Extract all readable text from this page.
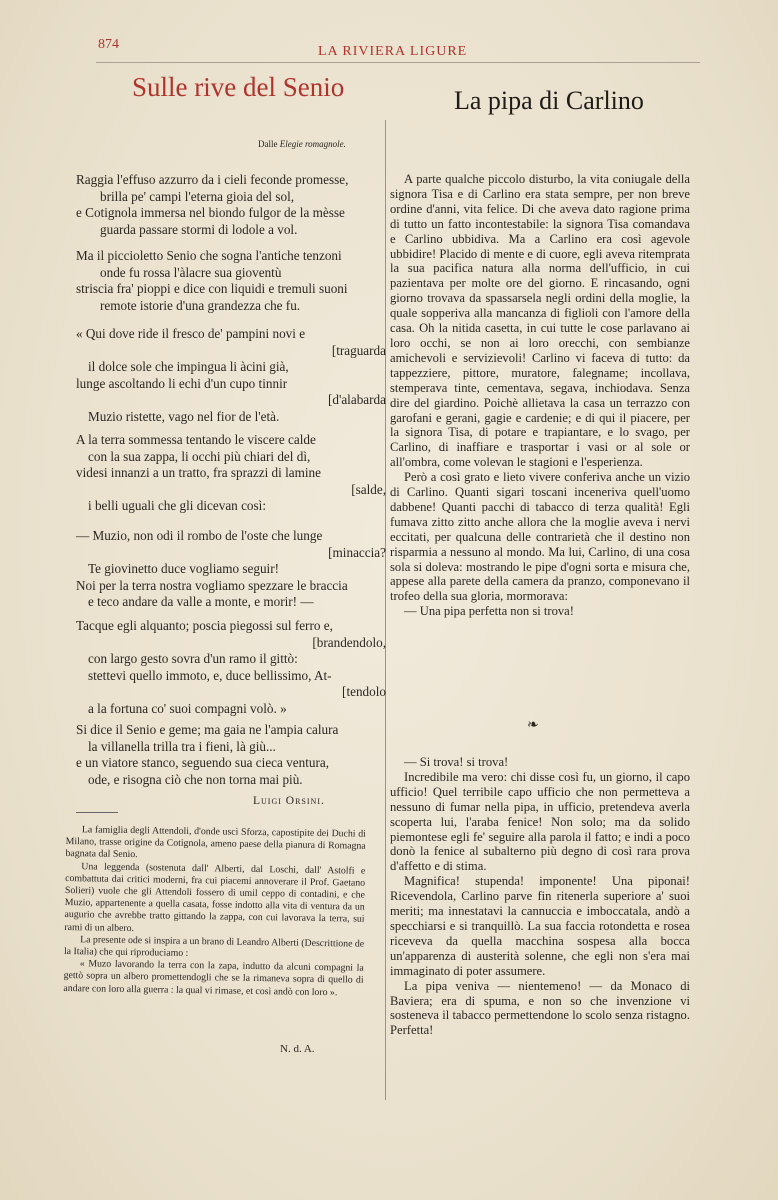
874	LA RIVIERA LIGURE
Sulle rive del Senio
Dalle Elegie romagnole.
Raggia l'effuso azzurro da i cieli feconde promesse,
brilla pe' campi l'eterna gioia del sol,
e Cotignola immersa nel biondo fulgor de la mèsse
guarda passare stormi di lodole a vol.
Ma il piccioletto Senio che sogna l'antiche tenzoni
onde fu rossa l'àlacre sua gioventù
striscia fra' pioppi e dice con liquidi e tremuli suoni
remote istorie d'una grandezza che fu.
« Qui dove ride il fresco de' pampini novi e
[traguarda
il dolce sole che impingua li àcini già,
lunge ascoltando li echi d'un cupo tinnir
[d'alabarda
Muzio ristette, vago nel fior de l'età.
A la terra sommessa tentando le viscere calde
con la sua zappa, li occhi più chiari del dì,
videsi innanzi a un tratto, fra sprazzi di lamine
[salde,
i belli uguali che gli dicevan così:
— Muzio, non odi il rombo de l'oste che lunge
[minaccia?
Te giovinetto duce vogliamo seguir!
Noi per la terra nostra vogliamo spezzare le braccia
e teco andare da valle a monte, e morir! —
Tacque egli alquanto; poscia piegossi sul ferro e,
[brandendolo,
con largo gesto sovra d'un ramo il gittò:
stettevi quello immoto, e, duce bellissimo, At-
[tendolo
a la fortuna co' suoi compagni volò. »
Si dice il Senio e geme; ma gaia ne l'ampia calura
la villanella trilla tra i fieni, là giù...
e un viatore stanco, seguendo sua cieca ventura,
ode, e risogna ciò che non torna mai più.
Luigi Orsini.

La famiglia degli Attendoli, d'onde uscì Sforza, capostipite dei Duchi di Milano, trasse origine da Cotignola, ameno paese della pianura di Romagna bagnata dal Senio.

Una leggenda (sostenuta dall' Alberti, dal Loschi, dall' Astolfi e combattuta dai critici moderni, fra cui piacemi annoverare il Prof. Gaetano Solieri) vuole che gli Attendoli fossero di umil ceppo di contadini, e che Muzio, appartenente a quella casata, fosse indotto alla vita di ventura da un augurio che avrebbe tratto gittando la zappa, con cui lavorava la terra, sui rami di un albero.

La presente ode si inspira a un brano di Leandro Alberti (Descrittione de la Italia) che qui riproduciamo :

« Muzo lavorando la terra con la zapa, indutto da alcuni compagni la gettò sopra un albero promettendogli che se la rimaneva sopra di quello di andare con loro alla guerra : la qual vi rimase, et così andò con loro ».

N. d. A.
La pipa di Carlino

A parte qualche piccolo disturbo, la vita coniugale della signora Tisa e di Carlino era stata sempre, per non breve ordine d'anni, vita felice. Di che aveva dato ragione prima di tutto un fatto incontestabile: la signora Tisa comandava e Carlino ubbidiva. Ma a Carlino era così agevole ubbidire! Placido di mente e di cuore, egli aveva ritemprata la sua pacifica natura alla norma dell'ufficio, in cui pazientava per molte ore del giorno. E rincasando, ogni giorno trovava da spassarsela negli ordini della moglie, la quale sopperiva alla mancanza di figlioli con l'amore della casa. Oh la nitida casetta, in cui tutte le cose parlavano ai loro occhi, se non ai loro orecchi, con sembianze amichevoli e servizievoli! Carlino vi faceva di tutto: da tappezziere, pittore, muratore, falegname; incollava, stemperava tinte, cementava, segava, inchiodava. Senza dire del giardino. Poichè allietava la casa un terrazzo con garofani e gerani, gagie e cardenie; e di qui il piacere, per la signora Tisa, di potare e trapiantare, e lo svago, per Carlino, di inaffiare e trasportar i vasi or al sole or all'ombra, come volevan le stagioni e l'esperienza.

Però a così grato e lieto vivere conferiva anche un vizio di Carlino. Quanti sigari toscani inceneriva quell'uomo dabbene! Quanti pacchi di tabacco di terza qualità! Egli fumava zitto zitto anche allora che la moglie aveva i nervi eccitati, per qualcuna delle contrarietà che il destino non risparmia a nessuno al mondo. Ma lui, Carlino, di una cosa sola si doleva: mostrando le pipe d'ogni sorta e misura che, appese alla parete della camera da pranzo, componevano il trofeo della sua gloria, mormorava:

— Una pipa perfetta non si trova!

❧

— Si trova! si trova!

Incredibile ma vero: chi disse così fu, un giorno, il capo ufficio! Quel terribile capo ufficio che non permetteva a nessuno di fumar nella pipa, in ufficio, pretendeva averla scoperta lui, l'araba fenice! Non solo; ma da solido piemontese egli fe' seguire alla parola il fatto; e indi a poco donò la fenice al subalterno più degno di così rara prova d'affetto e di stima.

Magnifica! stupenda! imponente! Una piponai! Ricevendola, Carlino parve fin ritenerla superiore a' suoi meriti; ma innestatavi la cannuccia e imboccatala, andò a specchiarsi e si tranquillò. La sua faccia rotondetta e rosea riceveva da quella macchina sospesa alla bocca un'apparenza di austerità solenne, che egli non s'era mai immaginato di poter assumere.

La pipa veniva — nientemeno! — da Monaco di Baviera; era di spuma, e non so che invenzione vi sosteneva il tabacco permettendone lo scolo senza ristagno. Perfetta!
